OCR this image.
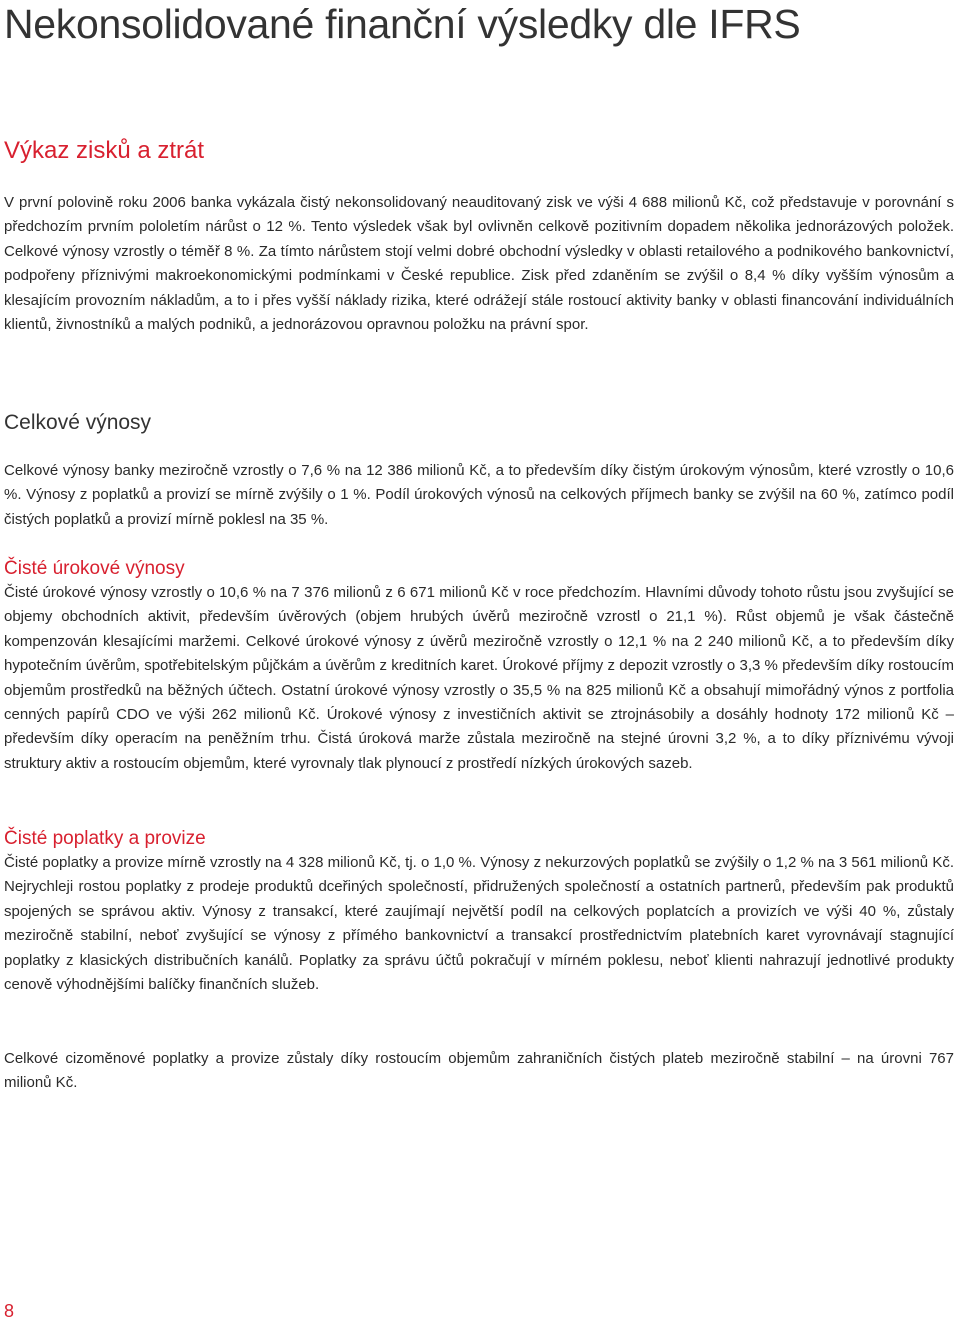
Nekonsolidované finanční výsledky dle IFRS
Výkaz zisků a ztrát

V první polovině roku 2006 banka vykázala čistý nekonsolidovaný neauditovaný zisk ve výši 4 688 milionů Kč, což představuje v porovnání s předchozím prvním pololetím nárůst o 12 %. Tento výsledek však byl ovlivněn celkově pozitivním dopadem několika jednorázových položek. Celkové výnosy vzrostly o téměř 8 %. Za tímto nárůstem stojí velmi dobré obchodní výsledky v oblasti retailového a podnikového bankovnictví, podpořeny příznivými makroekonomickými podmínkami v České republice. Zisk před zdaněním se zvýšil o 8,4 % díky vyšším výnosům a klesajícím provozním nákladům, a to i přes vyšší náklady rizika, které odrážejí stále rostoucí aktivity banky v oblasti financování individuálních klientů, živnostníků a malých podniků, a jednorázovou opravnou položku na právní spor.

Celkové výnosy

Celkové výnosy banky meziročně vzrostly o 7,6 % na 12 386 milionů Kč, a to především díky čistým úrokovým výnosům, které vzrostly o 10,6 %. Výnosy z poplatků a provizí se mírně zvýšily o 1 %. Podíl úrokových výnosů na celkových příjmech banky se zvýšil na 60 %, zatímco podíl čistých poplatků a provizí mírně poklesl na 35 %.

Čisté úrokové výnosy

Čisté úrokové výnosy vzrostly o 10,6 % na 7 376 milionů z 6 671 milionů Kč v roce předchozím. Hlavními důvody tohoto růstu jsou zvyšující se objemy obchodních aktivit, především úvěrových (objem hrubých úvěrů meziročně vzrostl o 21,1 %). Růst objemů je však částečně kompenzován klesajícími maržemi. Celkové úrokové výnosy z úvěrů meziročně vzrostly o 12,1 % na 2 240 milionů Kč, a to především díky hypotečním úvěrům, spotřebitelským půjčkám a úvěrům z kreditních karet. Úrokové příjmy z depozit vzrostly o 3,3 % především díky rostoucím objemům prostředků na běžných účtech. Ostatní úrokové výnosy vzrostly o 35,5 % na 825 milionů Kč a obsahují mimořádný výnos z portfolia cenných papírů CDO ve výši 262 milionů Kč. Úrokové výnosy z investičních aktivit se ztrojnásobily a dosáhly hodnoty 172 milionů Kč – především díky operacím na peněžním trhu. Čistá úroková marže zůstala meziročně na stejné úrovni 3,2 %, a to díky příznivému vývoji struktury aktiv a rostoucím objemům, které vyrovnaly tlak plynoucí z prostředí nízkých úrokových sazeb.

Čisté poplatky a provize

Čisté poplatky a provize mírně vzrostly na 4 328 milionů Kč, tj. o 1,0 %. Výnosy z nekurzových poplatků se zvýšily o 1,2 % na 3 561 milionů Kč. Nejrychleji rostou poplatky z prodeje produktů dceřiných společností, přidružených společností a ostatních partnerů, především pak produktů spojených se správou aktiv. Výnosy z transakcí, které zaujímají největší podíl na celkových poplatcích a provizích ve výši 40 %, zůstaly meziročně stabilní, neboť zvyšující se výnosy z přímého bankovnictví a transakcí prostřednictvím platebních karet vyrovnávají stagnující poplatky z klasických distribučních kanálů. Poplatky za správu účtů pokračují v mírném poklesu, neboť klienti nahrazují jednotlivé produkty cenově výhodnějšími balíčky finančních služeb.

Celkové cizoměnové poplatky a provize zůstaly díky rostoucím objemům zahraničních čistých plateb meziročně stabilní – na úrovni 767 milionů Kč.

8
